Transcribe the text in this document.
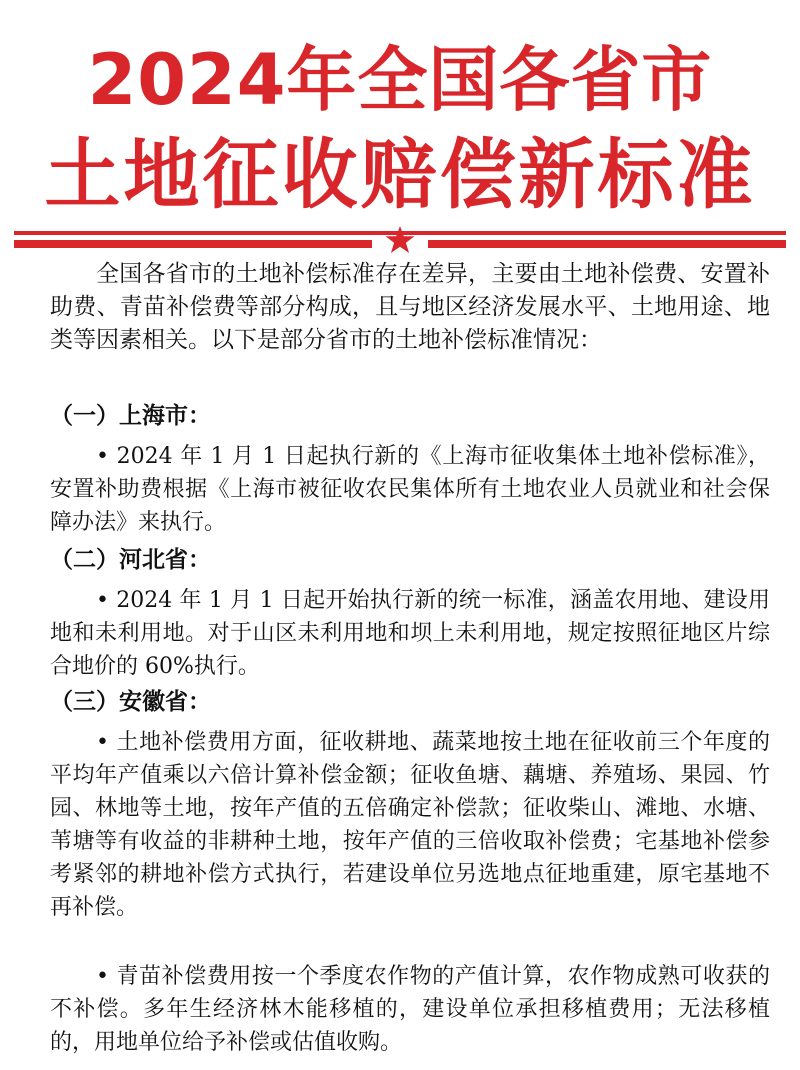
2024年全国各省市
土地征收赔偿新标准
全国各省市的土地补偿标准存在差异，主要由土地补偿费、安置补助费、青苗补偿费等部分构成，且与地区经济发展水平、土地用途、地类等因素相关。以下是部分省市的土地补偿标准情况：
（一）上海市：
• 2024 年 1 月 1 日起执行新的《上海市征收集体土地补偿标准》，安置补助费根据《上海市被征收农民集体所有土地农业人员就业和社会保障办法》来执行。
（二）河北省：
• 2024 年 1 月 1 日起开始执行新的统一标准，涵盖农用地、建设用地和未利用地。对于山区未利用地和坝上未利用地，规定按照征地区片综合地价的 60%执行。
（三）安徽省：
• 土地补偿费用方面，征收耕地、蔬菜地按土地在征收前三个年度的平均年产值乘以六倍计算补偿金额；征收鱼塘、藕塘、养殖场、果园、竹园、林地等土地，按年产值的五倍确定补偿款；征收柴山、滩地、水塘、苇塘等有收益的非耕种土地，按年产值的三倍收取补偿费；宅基地补偿参考紧邻的耕地补偿方式执行，若建设单位另选地点征地重建，原宅基地不再补偿。
• 青苗补偿费用按一个季度农作物的产值计算，农作物成熟可收获的不补偿。多年生经济林木能移植的，建设单位承担移植费用；无法移植的，用地单位给予补偿或估值收购。
